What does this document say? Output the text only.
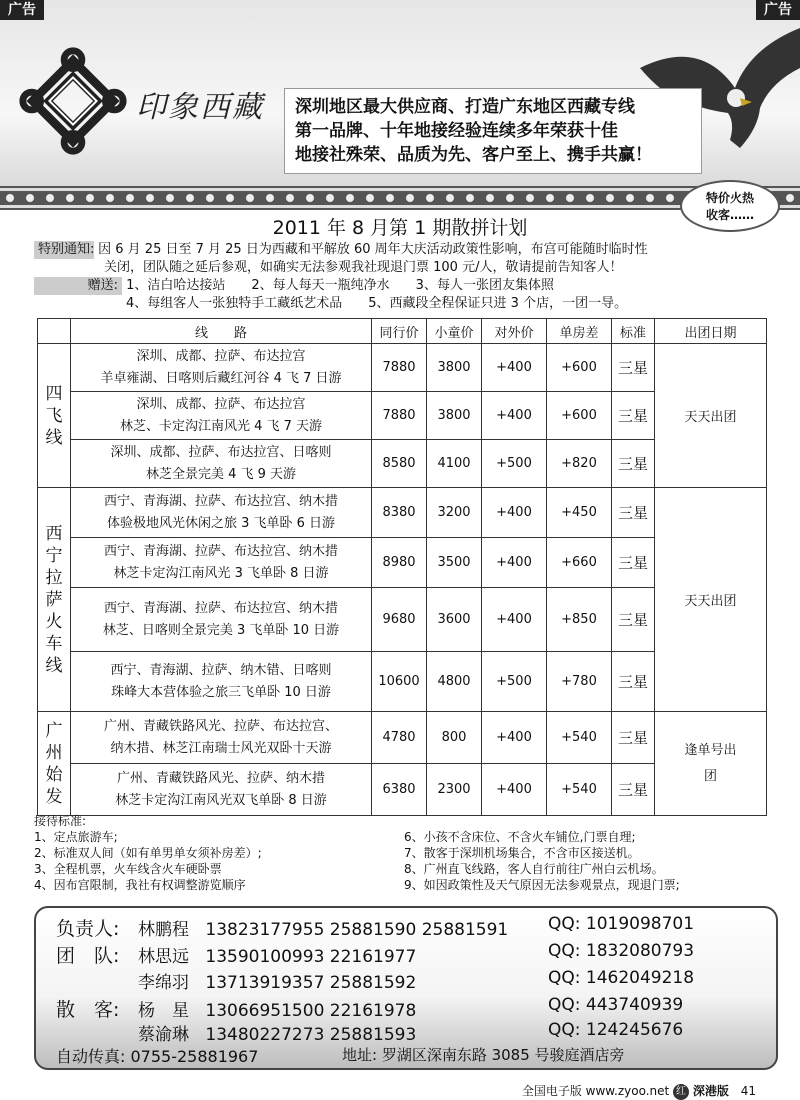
印象西藏 深圳地区最大供应商、打造广东地区西藏专线
第一品牌、十年地接经验连续多年荣获十佳
地接社殊荣、品质为先、客户至上、携手共赢！
广告	广告
特价火热
收客……
2011 年 8 月第 1 期散拼计划
特别通知: 因 6 月 25 日至 7 月 25 日为西藏和平解放 60 周年大庆活动政策性影响，布宫可能随时临时性
关闭，团队随之延后参观，如确实无法参观我社现退门票 100 元/人，敬请提前告知客人！
赠送: 1、洁白哈达接站　　2、每人每天一瓶纯净水　　3、每人一张团友集体照
4、每组客人一张独特手工藏纸艺术品　　5、西藏段全程保证只进 3 个店，一团一导。
	线　　路	同行价	小童价	对外价	单房差	标准	出团日期
四飞线	深圳、成都、拉萨、布达拉宫
羊卓雍湖、日喀则后藏红河谷 4 飞 7 日游	7880	3800	+400	+600	三星	天天出团

	深圳、成都、拉萨、布达拉宫
林芝、卡定沟江南风光 4 飞 7 天游	7880	3800	+400	+600	三星	

	深圳、成都、拉萨、布达拉宫、日喀则
林芝全景完美 4 飞 9 天游	8580	4100	+500	+820	三星	
西宁拉萨火车线	西宁、青海湖、拉萨、布达拉宫、纳木措
体验极地风光休闲之旅 3 飞单卧 6 日游	8380	3200	+400	+450	三星	天天出团

	西宁、青海湖、拉萨、布达拉宫、纳木措
林芝卡定沟江南风光 3 飞单卧 8 日游	8980	3500	+400	+660	三星	

	西宁、青海湖、拉萨、布达拉宫、纳木措
林芝、日喀则全景完美 3 飞单卧 10 日游	9680	3600	+400	+850	三星	

	西宁、青海湖、拉萨、纳木错、日喀则
珠峰大本营体验之旅三飞单卧 10 日游	10600	4800	+500	+780	三星	
广州始发	广州、青藏铁路风光、拉萨、布达拉宫、
纳木措、林芝江南瑞士风光双卧十天游	4780	800	+400	+540	三星	逢单号出团

	广州、青藏铁路风光、拉萨、纳木措
林芝卡定沟江南风光双飞单卧 8 日游	6380	2300	+400	+540	三星	
接待标准:
1、定点旅游车;
2、标准双人间（如有单男单女须补房差）;
3、全程机票，火车线含火车硬卧票
4、因布宫限制，我社有权调整游览顺序
6、小孩不含床位、不含火车铺位,门票自理;
7、散客于深圳机场集合，不含市区接送机。
8、广州直飞线路，客人自行前往广州白云机场。
9、如因政策性及天气原因无法参观景点，现退门票;
负责人: 林鹏程 13823177955 25881590 25881591 QQ: 1019098701
团　队: 林思远 13590100993 22161977	QQ: 1832080793
李绵羽 13713919357 25881592	QQ: 1462049218
散　客: 杨　星 13066951500 22161978	QQ: 443740939
蔡渝琳 13480227273 25881593	QQ: 124245676
自动传真: 0755-25881967	地址: 罗湖区深南东路 3085 号骏庭酒店旁
全国电子版 www.zyoo.net 红 深港版 41
